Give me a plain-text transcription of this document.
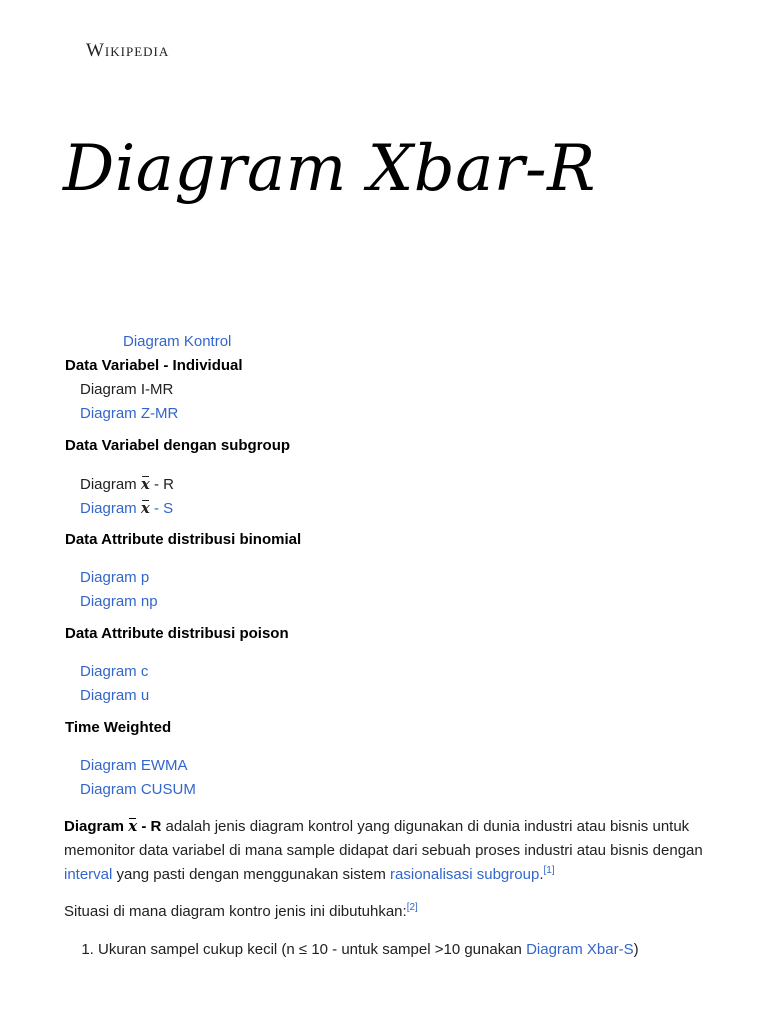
Wikipedia
Diagram Xbar-R
Diagram Kontrol
Data Variabel - Individual
Diagram I-MR
Diagram Z-MR
Data Variabel dengan subgroup
Diagram x - R
Diagram x - S
Data Attribute distribusi binomial
Diagram p
Diagram np
Data Attribute distribusi poison
Diagram c
Diagram u
Time Weighted
Diagram EWMA
Diagram CUSUM

Diagram x - R adalah jenis diagram kontrol yang digunakan di dunia industri atau bisnis untuk memonitor data variabel di mana sample didapat dari sebuah proses industri atau bisnis dengan interval yang pasti dengan menggunakan sistem rasionalisasi subgroup.[1]

Situasi di mana diagram kontro jenis ini dibutuhkan:[2]

1. Ukuran sampel cukup kecil (n ≤ 10 - untuk sampel >10 gunakan Diagram Xbar-S)
